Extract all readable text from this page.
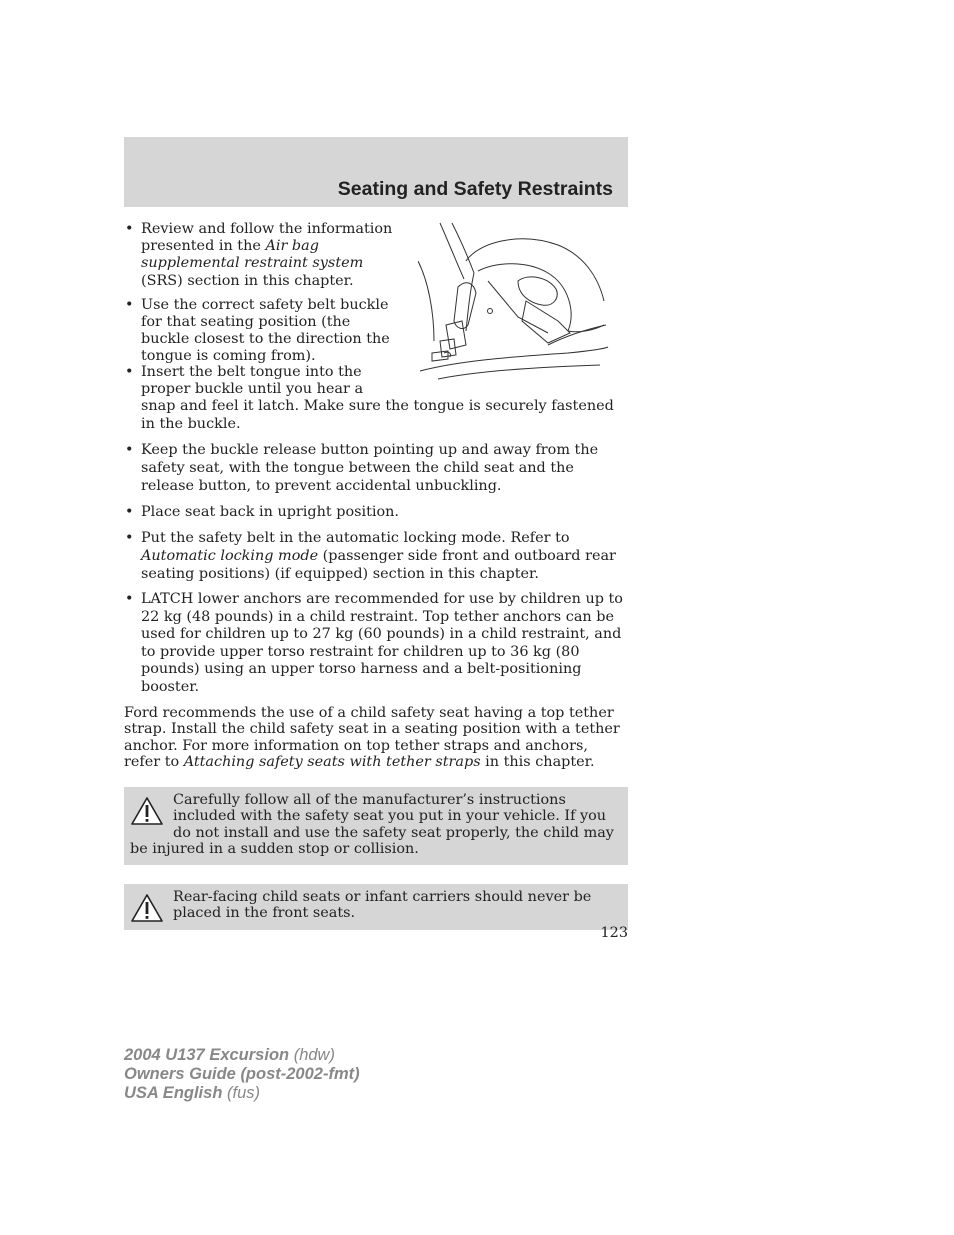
Seating and Safety Restraints
• Review and follow the information presented in the Air bag supplemental restraint system (SRS) section in this chapter.
• Use the correct safety belt buckle for that seating position (the buckle closest to the direction the tongue is coming from).
• Insert the belt tongue into the proper buckle until you hear a snap and feel it latch. Make sure the tongue is securely fastened in the buckle.
• Keep the buckle release button pointing up and away from the safety seat, with the tongue between the child seat and the release button, to prevent accidental unbuckling.
• Place seat back in upright position.
• Put the safety belt in the automatic locking mode. Refer to Automatic locking mode (passenger side front and outboard rear seating positions) (if equipped) section in this chapter.
• LATCH lower anchors are recommended for use by children up to 22 kg (48 pounds) in a child restraint. Top tether anchors can be used for children up to 27 kg (60 pounds) in a child restraint, and to provide upper torso restraint for children up to 36 kg (80 pounds) using an upper torso harness and a belt-positioning booster.

Ford recommends the use of a child safety seat having a top tether strap. Install the child safety seat in a seating position with a tether anchor. For more information on top tether straps and anchors, refer to Attaching safety seats with tether straps in this chapter.

Carefully follow all of the manufacturer’s instructions included with the safety seat you put in your vehicle. If you do not install and use the safety seat properly, the child may be injured in a sudden stop or collision.
Rear-facing child seats or infant carriers should never be placed in the front seats.
123
2004 U137 Excursion (hdw)
Owners Guide (post-2002-fmt)
USA English (fus)
